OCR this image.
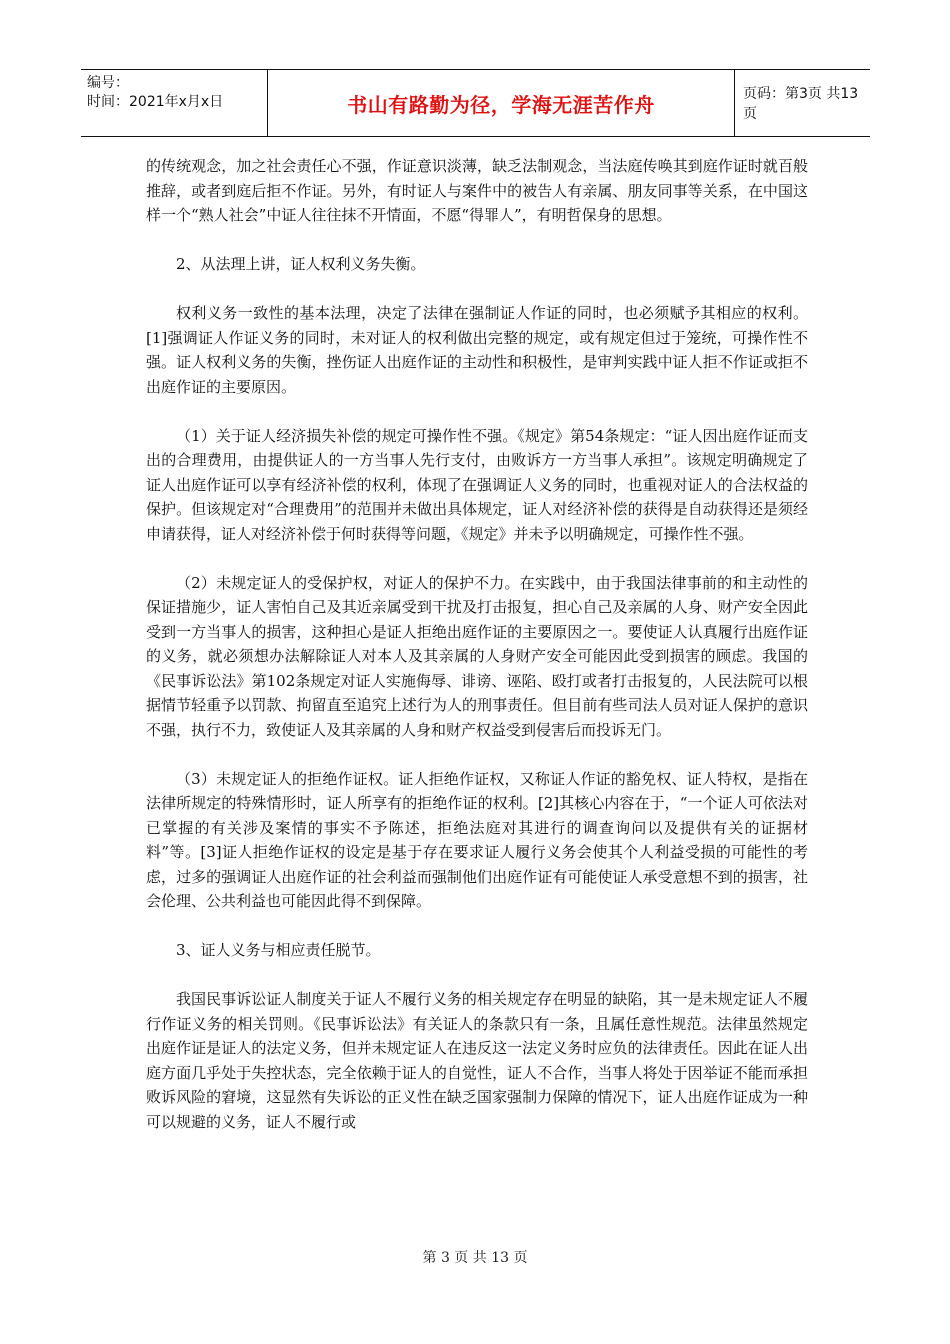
编号：
时间：2021年x月x日	书山有路勤为径，学海无涯苦作舟	页码：第3页 共13页

的传统观念，加之社会责任心不强，作证意识淡薄，缺乏法制观念，当法庭传唤其到庭作证时就百般推辞，或者到庭后拒不作证。另外，有时证人与案件中的被告人有亲属、朋友同事等关系，在中国这样一个“熟人社会”中证人往往抹不开情面，不愿“得罪人”，有明哲保身的思想。

2、从法理上讲，证人权利义务失衡。

权利义务一致性的基本法理，决定了法律在强制证人作证的同时，也必须赋予其相应的权利。[1]强调证人作证义务的同时，未对证人的权利做出完整的规定，或有规定但过于笼统，可操作性不强。证人权利义务的失衡，挫伤证人出庭作证的主动性和积极性，是审判实践中证人拒不作证或拒不出庭作证的主要原因。

（1）关于证人经济损失补偿的规定可操作性不强。《规定》第54条规定：“证人因出庭作证而支出的合理费用，由提供证人的一方当事人先行支付，由败诉方一方当事人承担”。该规定明确规定了证人出庭作证可以享有经济补偿的权利，体现了在强调证人义务的同时，也重视对证人的合法权益的保护。但该规定对“合理费用”的范围并未做出具体规定，证人对经济补偿的获得是自动获得还是须经申请获得，证人对经济补偿于何时获得等问题，《规定》并未予以明确规定，可操作性不强。

（2）未规定证人的受保护权，对证人的保护不力。在实践中，由于我国法律事前的和主动性的保证措施少，证人害怕自己及其近亲属受到干扰及打击报复，担心自己及亲属的人身、财产安全因此受到一方当事人的损害，这种担心是证人拒绝出庭作证的主要原因之一。要使证人认真履行出庭作证的义务，就必须想办法解除证人对本人及其亲属的人身财产安全可能因此受到损害的顾虑。我国的《民事诉讼法》第102条规定对证人实施侮辱、诽谤、诬陷、殴打或者打击报复的，人民法院可以根据情节轻重予以罚款、拘留直至追究上述行为人的刑事责任。但目前有些司法人员对证人保护的意识不强，执行不力，致使证人及其亲属的人身和财产权益受到侵害后而投诉无门。

（3）未规定证人的拒绝作证权。证人拒绝作证权，又称证人作证的豁免权、证人特权，是指在法律所规定的特殊情形时，证人所享有的拒绝作证的权利。[2]其核心内容在于，“一个证人可依法对已掌握的有关涉及案情的事实不予陈述，拒绝法庭对其进行的调查询问以及提供有关的证据材料”等。[3]证人拒绝作证权的设定是基于存在要求证人履行义务会使其个人利益受损的可能性的考虑，过多的强调证人出庭作证的社会利益而强制他们出庭作证有可能使证人承受意想不到的损害，社会伦理、公共利益也可能因此得不到保障。

3、证人义务与相应责任脱节。

我国民事诉讼证人制度关于证人不履行义务的相关规定存在明显的缺陷，其一是未规定证人不履行作证义务的相关罚则。《民事诉讼法》有关证人的条款只有一条，且属任意性规范。法律虽然规定出庭作证是证人的法定义务，但并未规定证人在违反这一法定义务时应负的法律责任。因此在证人出庭方面几乎处于失控状态，完全依赖于证人的自觉性，证人不合作，当事人将处于因举证不能而承担败诉风险的窘境，这显然有失诉讼的正义性在缺乏国家强制力保障的情况下，证人出庭作证成为一种可以规避的义务，证人不履行或

第 3 页 共 13 页
